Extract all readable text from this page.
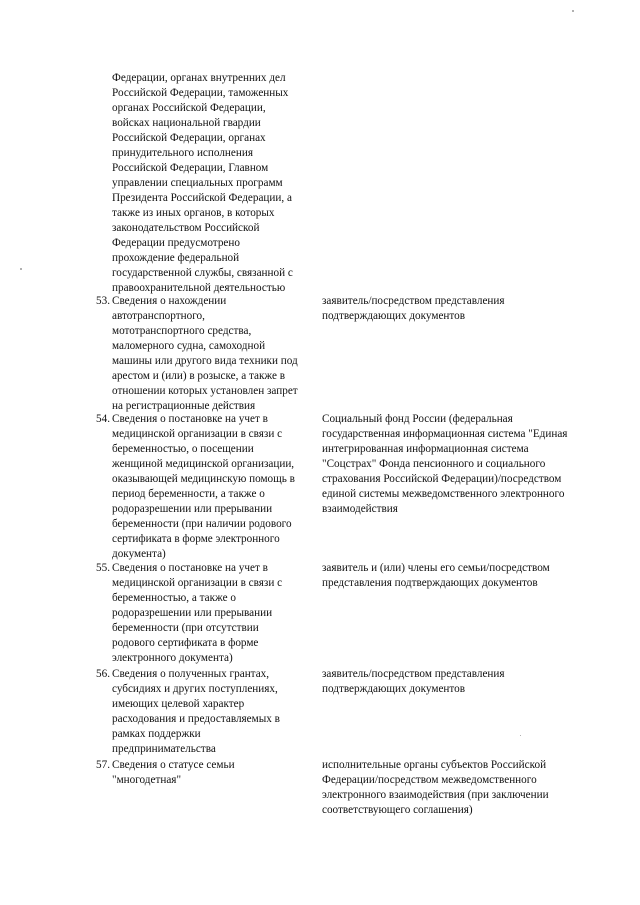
Федерации, органах внутренних дел
Российской Федерации, таможенных
органах Российской Федерации,
войсках национальной гвардии
Российской Федерации, органах
принудительного исполнения
Российской Федерации, Главном
управлении специальных программ
Президента Российской Федерации, а
также из иных органов, в которых
законодательством Российской
Федерации предусмотрено
прохождение федеральной
государственной службы, связанной с
правоохранительной деятельностью
53. Сведения о нахождении
автотранспортного,
мототранспортного средства,
маломерного судна, самоходной
машины или другого вида техники под
арестом и (или) в розыске, а также в
отношении которых установлен запрет
на регистрационные действия
заявитель/посредством представления
подтверждающих документов
54. Сведения о постановке на учет в
медицинской организации в связи с
беременностью, о посещении
женщиной медицинской организации,
оказывающей медицинскую помощь в
период беременности, а также о
родоразрешении или прерывании
беременности (при наличии родового
сертификата в форме электронного
документа)
Социальный фонд России (федеральная
государственная информационная система "Единая
интегрированная информационная система
"Соцстрах" Фонда пенсионного и социального
страхования Российской Федерации)/посредством
единой системы межведомственного электронного
взаимодействия
55. Сведения о постановке на учет в
медицинской организации в связи с
беременностью, а также о
родоразрешении или прерывании
беременности (при отсутствии
родового сертификата в форме
электронного документа)
заявитель и (или) члены его семьи/посредством
представления подтверждающих документов
56. Сведения о полученных грантах,
субсидиях и других поступлениях,
имеющих целевой характер
расходования и предоставляемых в
рамках поддержки
предпринимательства
заявитель/посредством представления
подтверждающих документов
57. Сведения о статусе семьи
"многодетная"
исполнительные органы субъектов Российской
Федерации/посредством межведомственного
электронного взаимодействия (при заключении
соответствующего соглашения)
